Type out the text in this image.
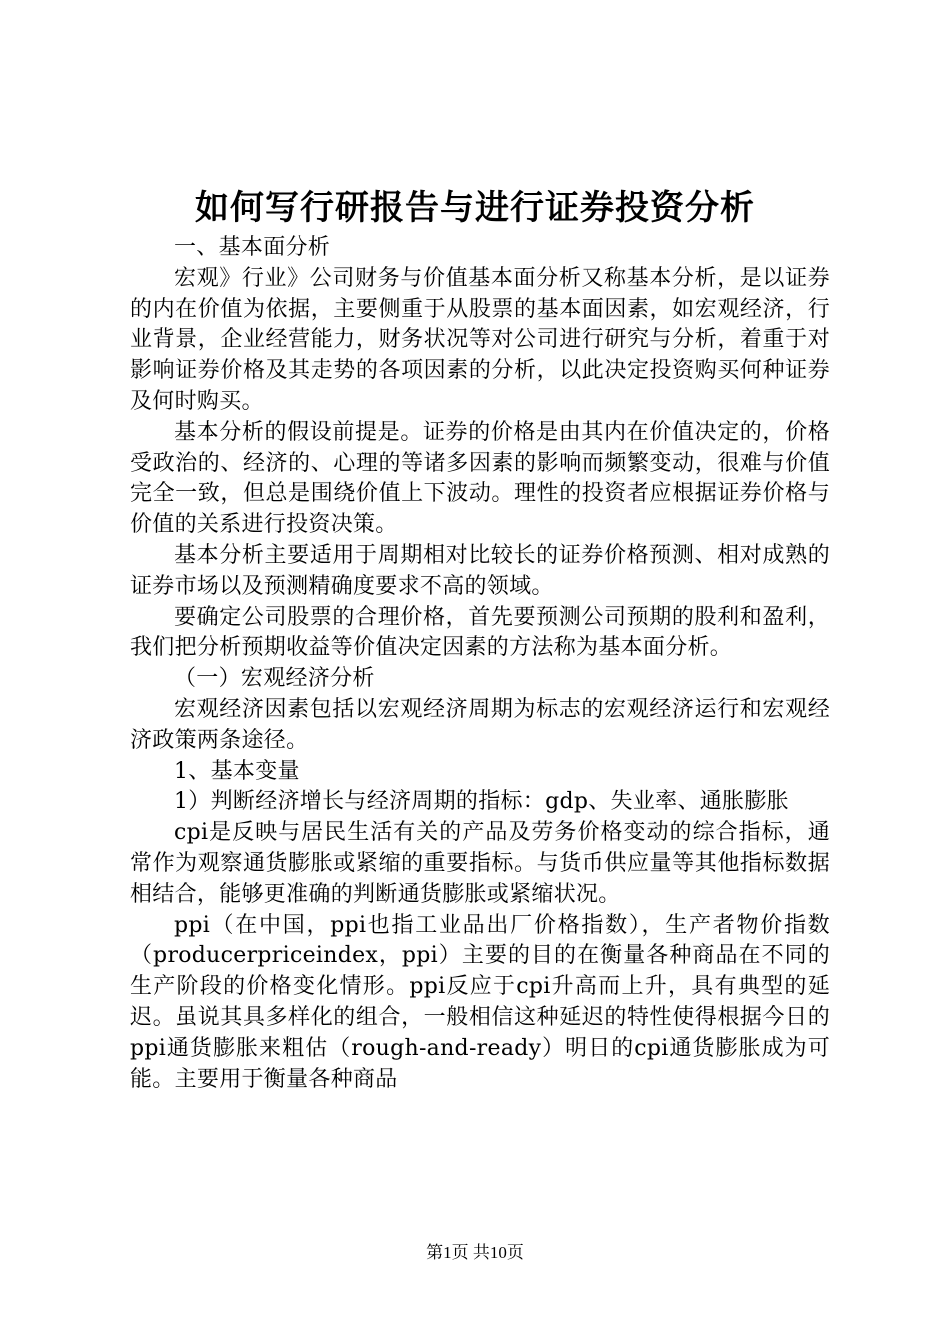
如何写行研报告与进行证券投资分析

一、基本面分析

宏观》行业》公司财务与价值基本面分析又称基本分析，是以证券的内在价值为依据，主要侧重于从股票的基本面因素，如宏观经济，行业背景，企业经营能力，财务状况等对公司进行研究与分析，着重于对影响证券价格及其走势的各项因素的分析，以此决定投资购买何种证券及何时购买。

基本分析的假设前提是。证券的价格是由其内在价值决定的，价格受政治的、经济的、心理的等诸多因素的影响而频繁变动，很难与价值完全一致，但总是围绕价值上下波动。理性的投资者应根据证券价格与价值的关系进行投资决策。

基本分析主要适用于周期相对比较长的证券价格预测、相对成熟的证券市场以及预测精确度要求不高的领域。

要确定公司股票的合理价格，首先要预测公司预期的股利和盈利，我们把分析预期收益等价值决定因素的方法称为基本面分析。

（一）宏观经济分析

宏观经济因素包括以宏观经济周期为标志的宏观经济运行和宏观经济政策两条途径。

1、基本变量

1）判断经济增长与经济周期的指标：gdp、失业率、通胀膨胀

cpi是反映与居民生活有关的产品及劳务价格变动的综合指标，通常作为观察通货膨胀或紧缩的重要指标。与货币供应量等其他指标数据相结合，能够更准确的判断通货膨胀或紧缩状况。

ppi（在中国，ppi也指工业品出厂价格指数），生产者物价指数（producerpriceindex，ppi）主要的目的在衡量各种商品在不同的生产阶段的价格变化情形。ppi反应于cpi升高而上升，具有典型的延迟。虽说其具多样化的组合，一般相信这种延迟的特性使得根据今日的ppi通货膨胀来粗估（rough-and-ready）明日的cpi通货膨胀成为可能。主要用于衡量各种商品

第1页 共10页
